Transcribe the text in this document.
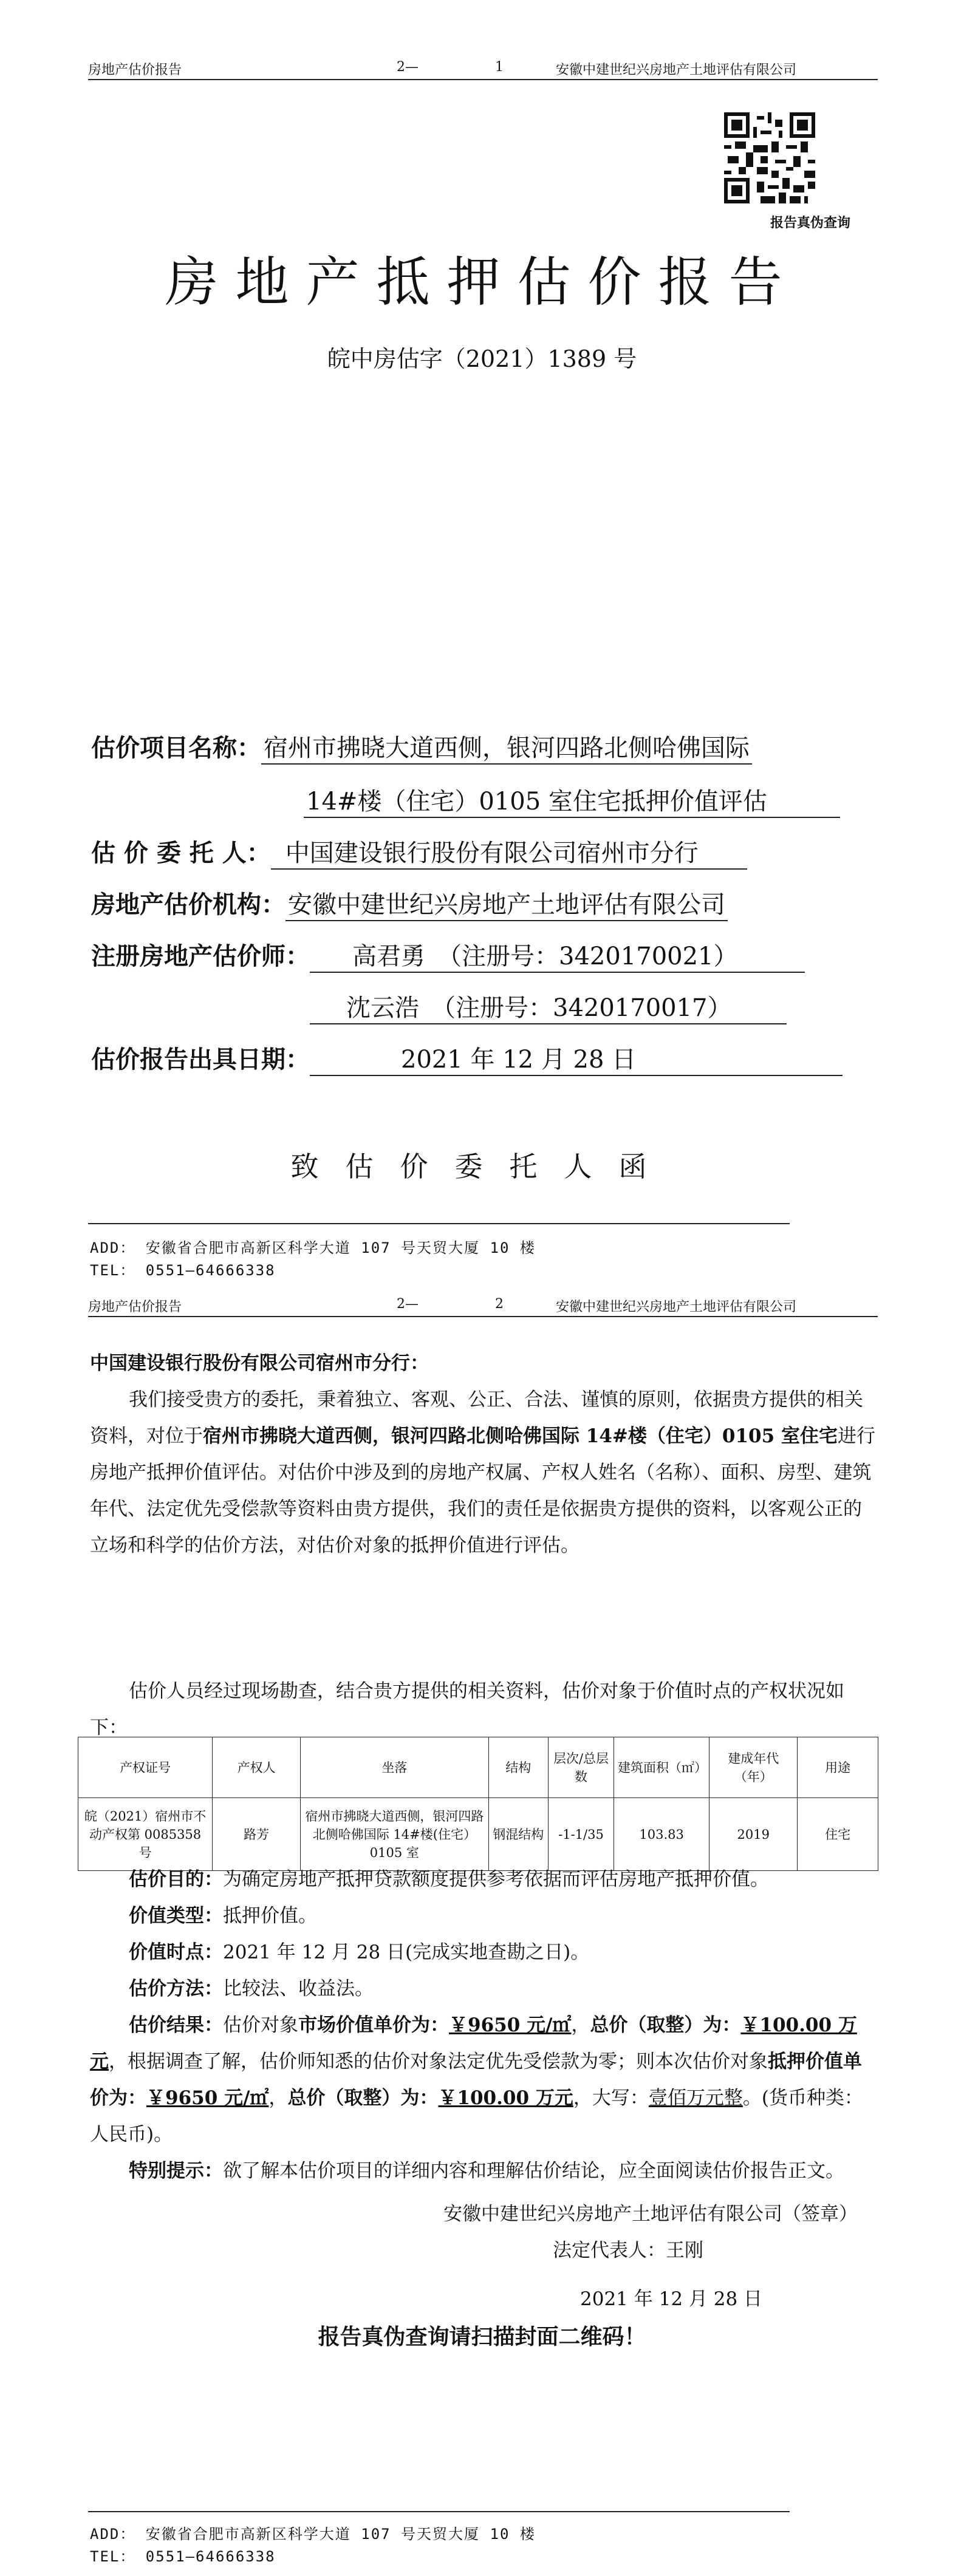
房地产估价报告	2—	1	安徽中建世纪兴房地产土地评估有限公司
报告真伪查询
房地产抵押估价报告
皖中房估字（2021）1389 号
估价项目名称： 宿州市拂晓大道西侧，银河四路北侧哈佛国际
14#楼（住宅）0105 室住宅抵押价值评估
估 价 委 托 人： 中国建设银行股份有限公司宿州市分行
房地产估价机构： 安徽中建世纪兴房地产土地评估有限公司
注册房地产估价师： 高君勇　（注册号：3420170021）
沈云浩　（注册号：3420170017）
估价报告出具日期：	2021 年 12 月 28 日
致估价委托人函
ADD： 安徽省合肥市高新区科学大道 107 号天贸大厦 10 楼
TEL： 0551—64666338
房地产估价报告	2—	2	安徽中建世纪兴房地产土地评估有限公司
中国建设银行股份有限公司宿州市分行：
我们接受贵方的委托，秉着独立、客观、公正、合法、谨慎的原则，依据贵方提供的相关资料，对位于宿州市拂晓大道西侧，银河四路北侧哈佛国际 14#楼（住宅）0105 室住宅进行房地产抵押价值评估。对估价中涉及到的房地产权属、产权人姓名（名称）、面积、房型、建筑年代、法定优先受偿款等资料由贵方提供，我们的责任是依据贵方提供的资料，以客观公正的立场和科学的估价方法，对估价对象的抵押价值进行评估。
估价人员经过现场勘查，结合贵方提供的相关资料，估价对象于价值时点的产权状况如下：
产权证号	产权人	坐落	结构	层次/总层数	建筑面积（㎡）	建成年代（年）	用途
皖（2021）宿州市不动产权第 0085358 号	路芳	宿州市拂晓大道西侧，银河四路北侧哈佛国际 14#楼(住宅）0105 室	钢混结构	-1-1/35	103.83	2019	住宅
估价目的：为确定房地产抵押贷款额度提供参考依据而评估房地产抵押价值。
价值类型：抵押价值。
价值时点：2021 年 12 月 28 日(完成实地查勘之日)。
估价方法：比较法、收益法。
估价结果：估价对象市场价值单价为：￥9650 元/㎡，总价（取整）为：￥100.00 万元，根据调查了解，估价师知悉的估价对象法定优先受偿款为零；则本次估价对象抵押价值单价为：￥9650 元/㎡，总价（取整）为：￥100.00 万元，大写：壹佰万元整。(货币种类：人民币)。
特别提示：欲了解本估价项目的详细内容和理解估价结论，应全面阅读估价报告正文。
安徽中建世纪兴房地产土地评估有限公司（签章）
法定代表人：王刚
2021 年 12 月 28 日
报告真伪查询请扫描封面二维码！
ADD： 安徽省合肥市高新区科学大道 107 号天贸大厦 10 楼
TEL： 0551—64666338
